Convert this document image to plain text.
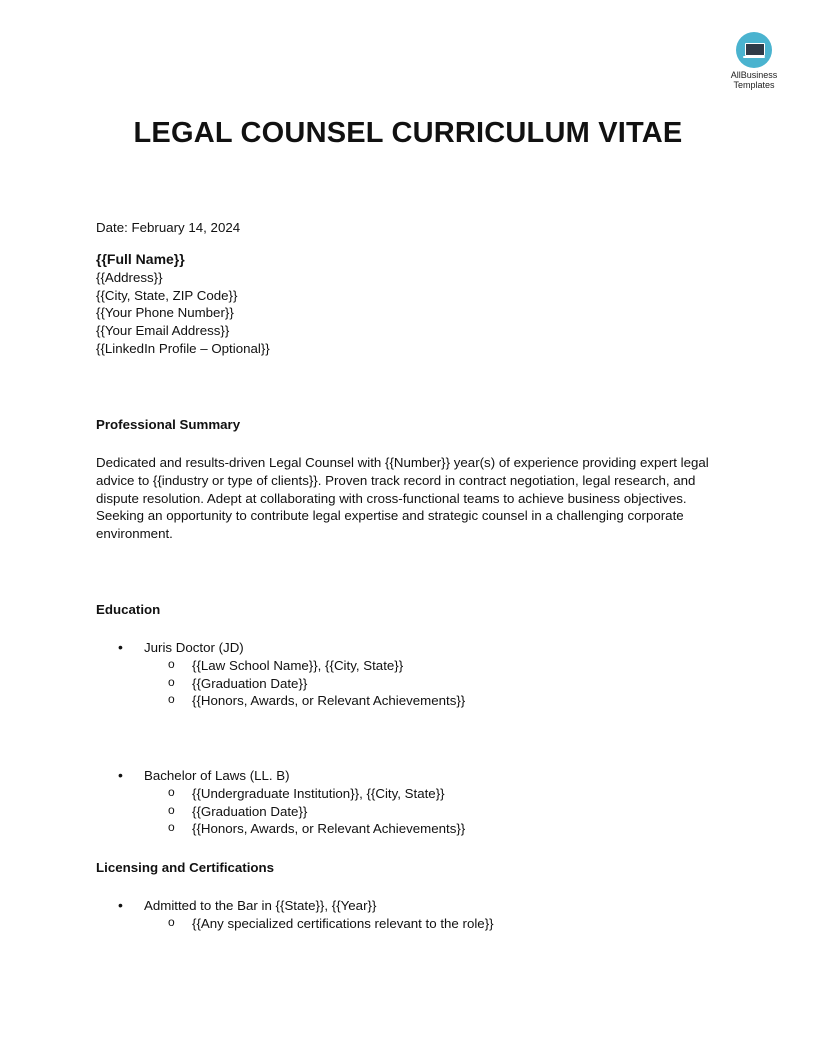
AllBusiness
Templates
LEGAL COUNSEL CURRICULUM VITAE
Date: February 14, 2024
{{Full Name}}
{{Address}}
{{City, State, ZIP Code}}
{{Your Phone Number}}
{{Your Email Address}}
{{LinkedIn Profile – Optional}}
Professional Summary
Dedicated and results-driven Legal Counsel with {{Number}} year(s) of experience providing expert legal advice to {{industry or type of clients}}. Proven track record in contract negotiation, legal research, and dispute resolution. Adept at collaborating with cross-functional teams to achieve business objectives. Seeking an opportunity to contribute legal expertise and strategic counsel in a challenging corporate environment.
Education
• Juris Doctor (JD)
o {{Law School Name}}, {{City, State}}
o {{Graduation Date}}
o {{Honors, Awards, or Relevant Achievements}}
• Bachelor of Laws (LL. B)
o {{Undergraduate Institution}}, {{City, State}}
o {{Graduation Date}}
o {{Honors, Awards, or Relevant Achievements}}
Licensing and Certifications
• Admitted to the Bar in {{State}}, {{Year}}
o {{Any specialized certifications relevant to the role}}
